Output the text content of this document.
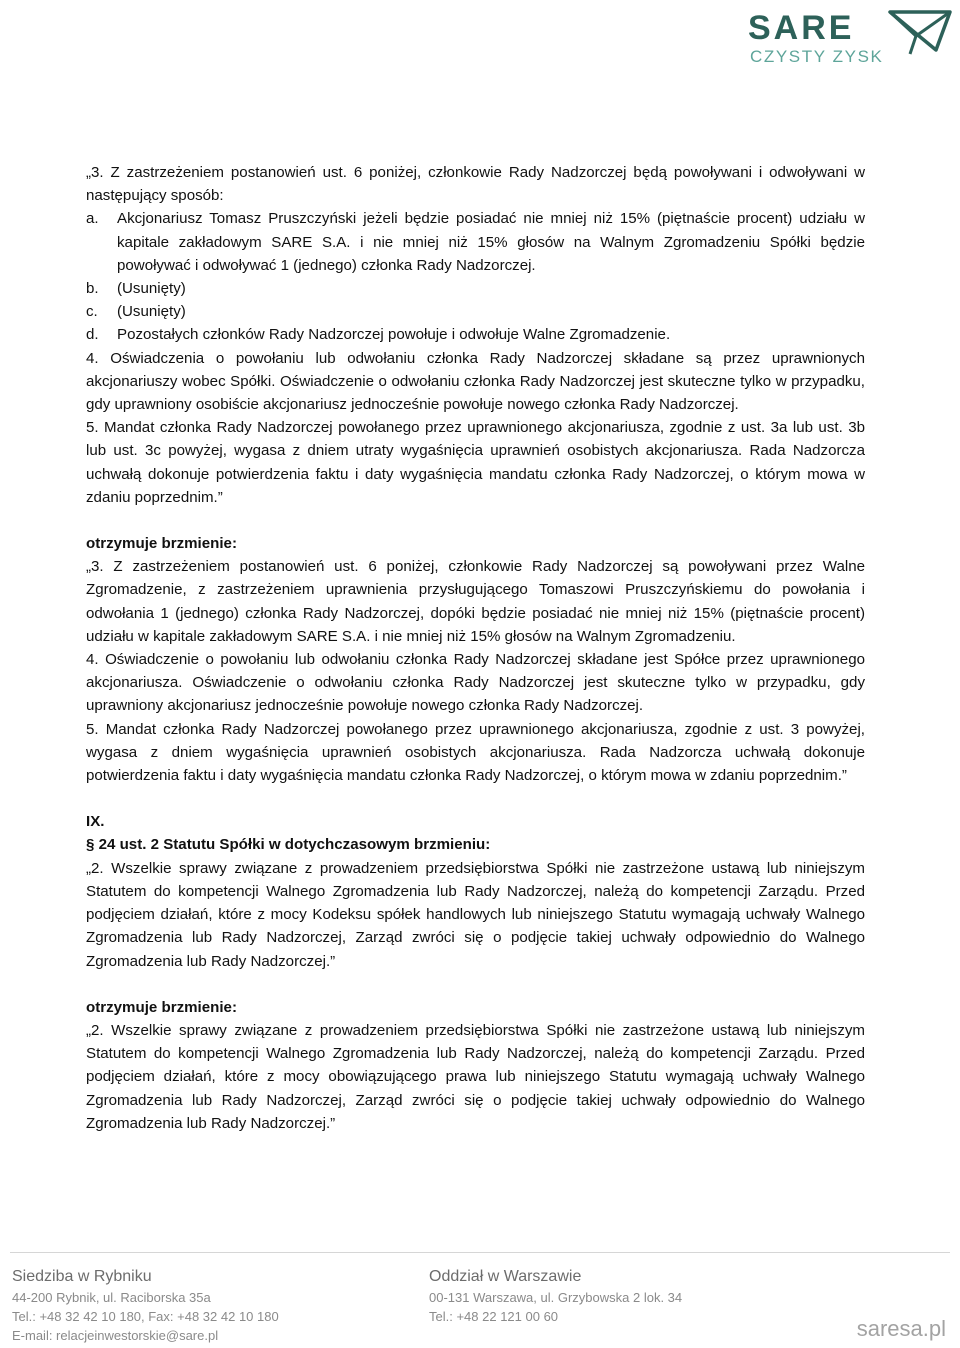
SARE
CZYSTY ZYSK

„3. Z zastrzeżeniem postanowień ust. 6 poniżej, członkowie Rady Nadzorczej będą powoływani i odwoływani w następujący sposób:

a.	Akcjonariusz Tomasz Pruszczyński jeżeli będzie posiadać nie mniej niż 15% (piętnaście procent) udziału w kapitale zakładowym SARE S.A. i nie mniej niż 15% głosów na Walnym Zgromadzeniu Spółki będzie powoływać i odwoływać 1 (jednego) członka Rady Nadzorczej.
b.	(Usunięty)
c.	(Usunięty)
d.	Pozostałych członków Rady Nadzorczej powołuje i odwołuje Walne Zgromadzenie.

4. Oświadczenia o powołaniu lub odwołaniu członka Rady Nadzorczej składane są przez uprawnionych akcjonariuszy wobec Spółki. Oświadczenie o odwołaniu członka Rady Nadzorczej jest skuteczne tylko w przypadku, gdy uprawniony osobiście akcjonariusz jednocześnie powołuje nowego członka Rady Nadzorczej.

5. Mandat członka Rady Nadzorczej powołanego przez uprawnionego akcjonariusza, zgodnie z ust. 3a lub ust. 3b lub ust. 3c powyżej, wygasa z dniem utraty wygaśnięcia uprawnień osobistych akcjonariusza. Rada Nadzorcza uchwałą dokonuje potwierdzenia faktu i daty wygaśnięcia mandatu członka Rady Nadzorczej, o którym mowa w zdaniu poprzednim.”

otrzymuje brzmienie:

„3. Z zastrzeżeniem postanowień ust. 6 poniżej, członkowie Rady Nadzorczej są powoływani przez Walne Zgromadzenie, z zastrzeżeniem uprawnienia przysługującego Tomaszowi Pruszczyńskiemu do powołania i odwołania 1 (jednego) członka Rady Nadzorczej, dopóki będzie posiadać nie mniej niż 15% (piętnaście procent) udziału w kapitale zakładowym SARE S.A. i nie mniej niż 15% głosów na Walnym Zgromadzeniu.

4. Oświadczenie o powołaniu lub odwołaniu członka Rady Nadzorczej składane jest Spółce przez uprawnionego akcjonariusza. Oświadczenie o odwołaniu członka Rady Nadzorczej jest skuteczne tylko w przypadku, gdy uprawniony akcjonariusz jednocześnie powołuje nowego członka Rady Nadzorczej.

5. Mandat członka Rady Nadzorczej powołanego przez uprawnionego akcjonariusza, zgodnie z ust. 3 powyżej, wygasa z dniem wygaśnięcia uprawnień osobistych akcjonariusza. Rada Nadzorcza uchwałą dokonuje potwierdzenia faktu i daty wygaśnięcia mandatu członka Rady Nadzorczej, o którym mowa w zdaniu poprzednim.”

IX.

§ 24 ust. 2 Statutu Spółki w dotychczasowym brzmieniu:

„2. Wszelkie sprawy związane z prowadzeniem przedsiębiorstwa Spółki nie zastrzeżone ustawą lub niniejszym Statutem do kompetencji Walnego Zgromadzenia lub Rady Nadzorczej, należą do kompetencji Zarządu. Przed podjęciem działań, które z mocy Kodeksu spółek handlowych lub niniejszego Statutu wymagają uchwały Walnego Zgromadzenia lub Rady Nadzorczej, Zarząd zwróci się o podjęcie takiej uchwały odpowiednio do Walnego Zgromadzenia lub Rady Nadzorczej.”

otrzymuje brzmienie:

„2. Wszelkie sprawy związane z prowadzeniem przedsiębiorstwa Spółki nie zastrzeżone ustawą lub niniejszym Statutem do kompetencji Walnego Zgromadzenia lub Rady Nadzorczej, należą do kompetencji Zarządu. Przed podjęciem działań, które z mocy obowiązującego prawa lub niniejszego Statutu wymagają uchwały Walnego Zgromadzenia lub Rady Nadzorczej, Zarząd zwróci się o podjęcie takiej uchwały odpowiednio do Walnego Zgromadzenia lub Rady Nadzorczej.”

Siedziba w Rybniku
44-200 Rybnik, ul. Raciborska 35a
Tel.: +48 32 42 10 180, Fax: +48 32 42 10 180
E-mail: relacjeinwestorskie@sare.pl
Oddział w Warszawie
00-131 Warszawa, ul. Grzybowska 2 lok. 34
Tel.: +48 22 121 00 60	saresa.pl
